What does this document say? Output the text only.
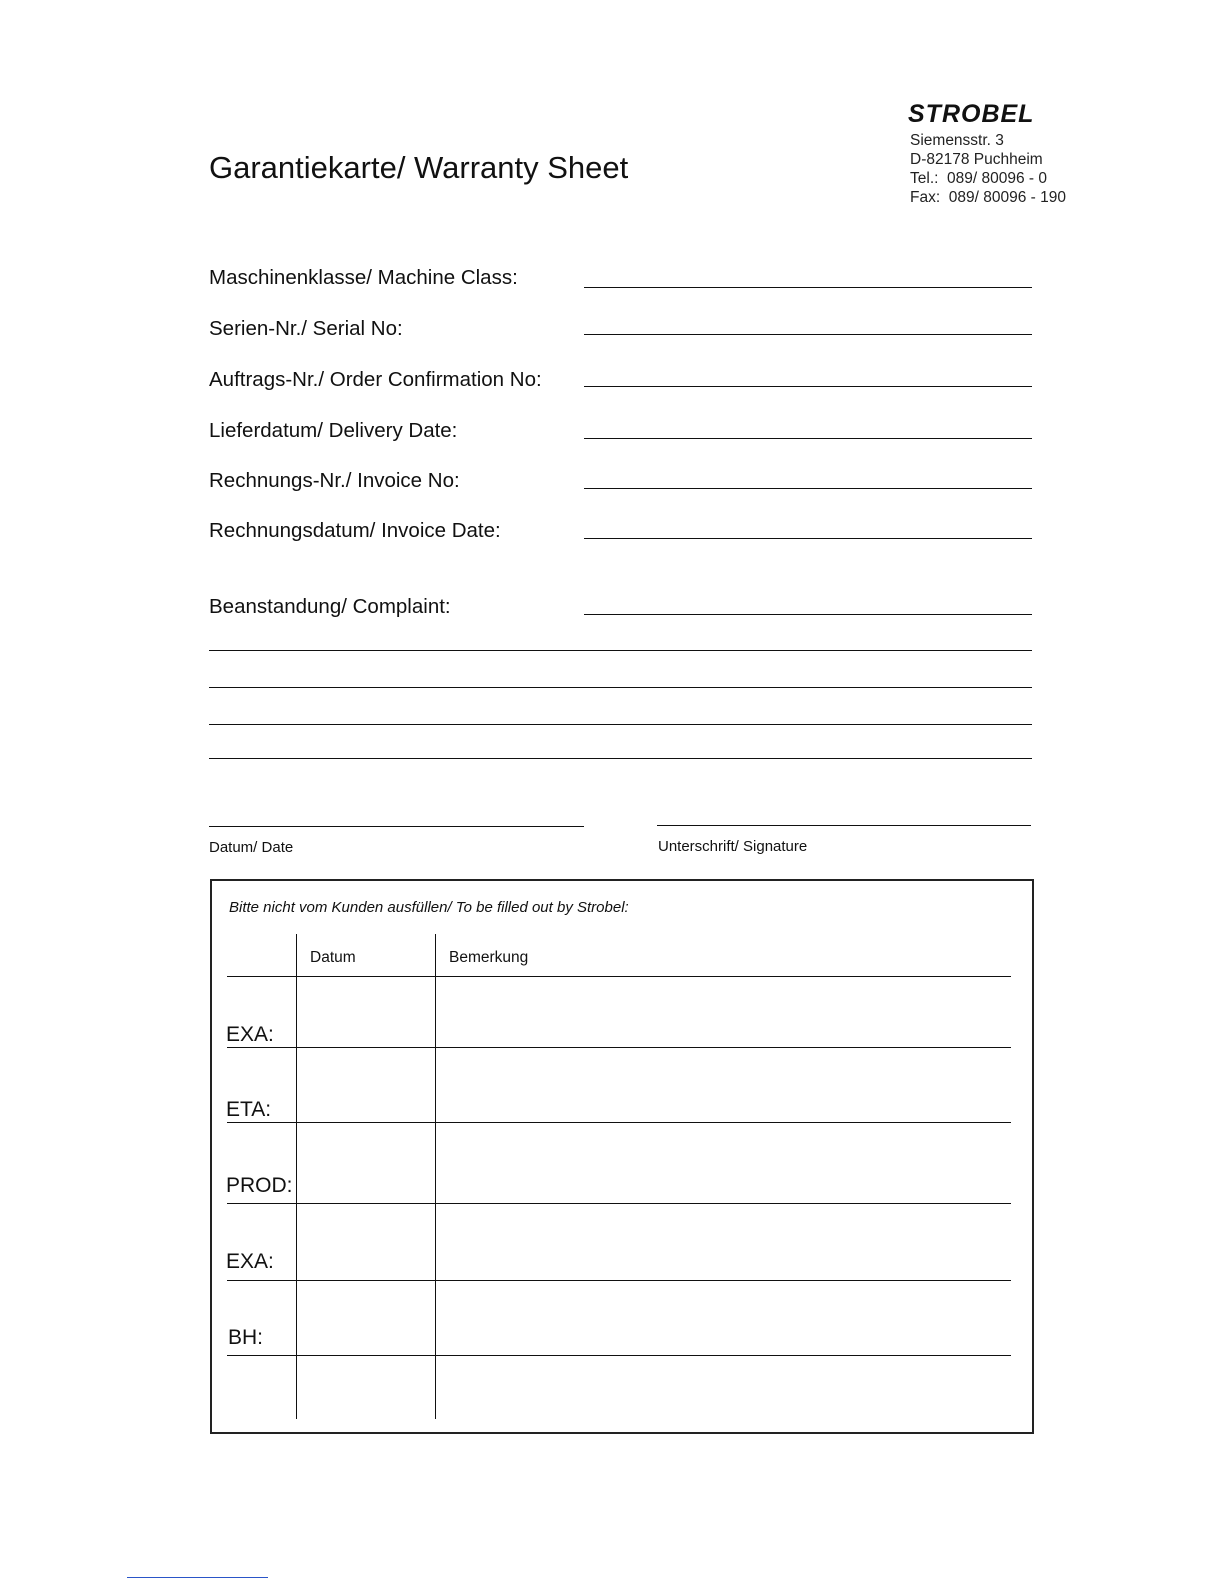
STROBEL
Siemensstr. 3
D-82178 Puchheim
Tel.:  089/ 80096 - 0
Fax:  089/ 80096 - 190
Garantiekarte/ Warranty Sheet
Maschinenklasse/ Machine Class:
Serien-Nr./ Serial No:
Auftrags-Nr./ Order Confirmation No:
Lieferdatum/ Delivery Date:
Rechnungs-Nr./ Invoice No:
Rechnungsdatum/ Invoice Date:
Beanstandung/ Complaint:
Datum/ Date	Unterschrift/ Signature
Bitte nicht vom Kunden ausfüllen/ To be filled out by Strobel:
Datum	Bemerkung
EXA:
ETA:
PROD:
EXA:
BH:
